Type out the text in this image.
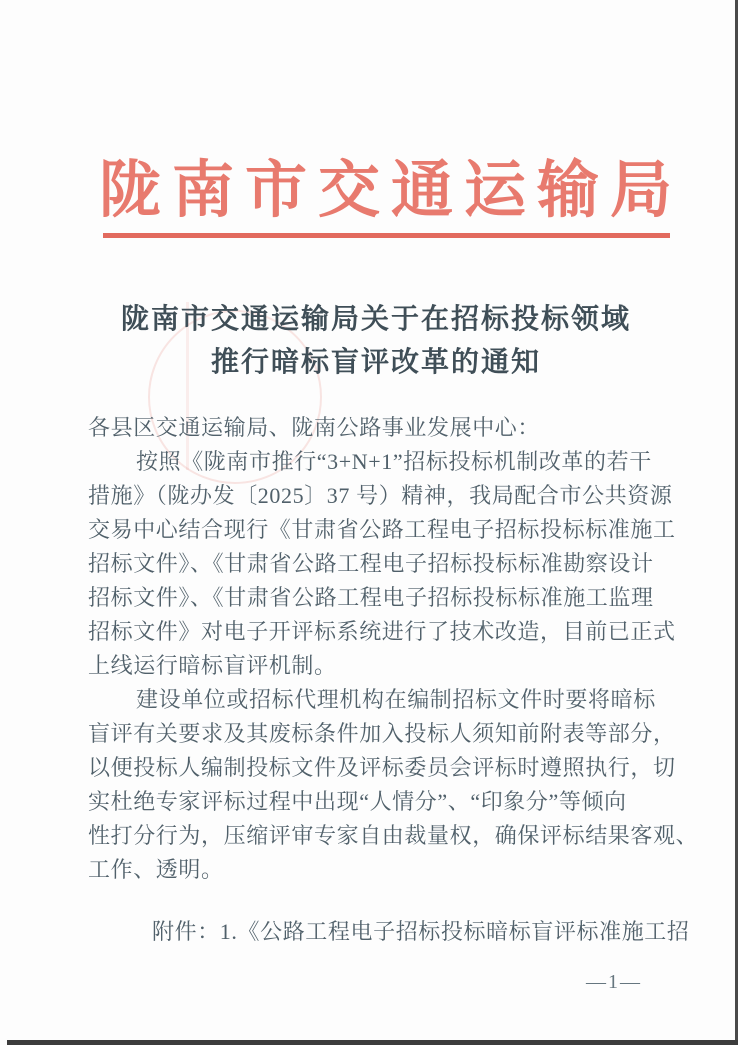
陇南市交通运输局
陇南市交通运输局关于在招标投标领域
推行暗标盲评改革的通知
各县区交通运输局、陇南公路事业发展中心：
按照《陇南市推行“3+N+1”招标投标机制改革的若干
措施》（陇办发〔2025〕37 号）精神，我局配合市公共资源
交易中心结合现行《甘肃省公路工程电子招标投标标准施工
招标文件》、《甘肃省公路工程电子招标投标标准勘察设计
招标文件》、《甘肃省公路工程电子招标投标标准施工监理
招标文件》对电子开评标系统进行了技术改造，目前已正式
上线运行暗标盲评机制。
建设单位或招标代理机构在编制招标文件时要将暗标
盲评有关要求及其废标条件加入投标人须知前附表等部分，
以便投标人编制投标文件及评标委员会评标时遵照执行，切
实杜绝专家评标过程中出现“人情分”、“印象分”等倾向
性打分行为，压缩评审专家自由裁量权，确保评标结果客观、
工作、透明。
附件：1.《公路工程电子招标投标暗标盲评标准施工招
—1—
